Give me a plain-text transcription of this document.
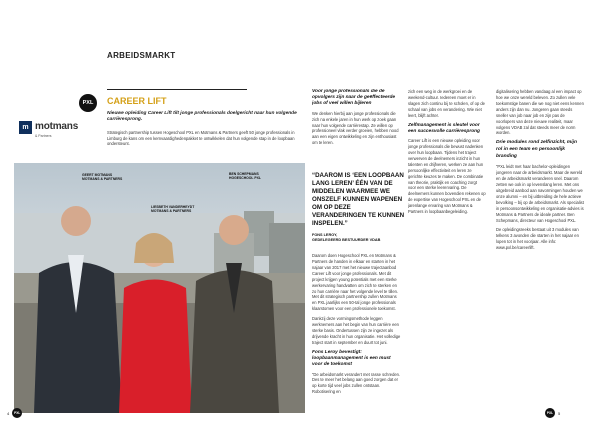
ARBEIDSMARKT
PXL	CAREER LIFT
Nieuwe opleiding Career Lift tilt jonge professionals doelgericht naar hun volgende carrièresprong.
Strategisch partnership tussen Hogeschool PXL en Motmans & Partners geeft 50 jonge professionals in Limburg de kans om een kernvaardighedenpakket te ontwikkelen dat hun volgende stap in de loopbaan ondersteunt.
m motmans
& Partners
GEERT MOTMANS
MOTMANS & PARTNERS
LIESBETH VANDERHEYDT
MOTMANS & PARTNERS
BEN SCHEPMANS
HOGESCHOOL PXL	“DAAROM IS ‘EEN LOOPBAAN LANG LEREN’ ÉÉN VAN DE MIDDELEN WAARMEE WE ONSZELF KUNNEN WAPENEN OM OP DEZE VERANDERINGEN TE KUNNEN INSPELEN.”
FONS LEROY,
GEDELEGEERD BESTUURDER VDAB
Voor jonge professionals die de opvolgers zijn naar de geëffecteerde jobs of veel willen bijleren

We denken hierbij aan jonge professionals die zich na enkele jaren in hun werk op zoek gaan naar hun volgende carrièrestap. Ze willen op professioneel vlak verder groeien, hebben nood aan een eigen ontwikkeling en zijn enthousiast om te leren.

Daarom doen Hogeschool PXL en Motmans & Partners de handen in elkaar en starten in het najaar van 2017 met het nieuwe trajectaanbod Career Lift voor jonge professionals. Met dit project krijgen young potentials met een sterke werkervaring handvatten om zich te sterken en zo hun carrière naar het volgende level te tillen. Met dit strategisch partnership zullen Motmans en PXL jaarlijks een 50-tal jonge professionals klaarstomen voor een professionele toekomst.

Dankzij deze vormingsmethode leggen werknemers aan het begin van hun carrière een sterke basis. Ondertussen zijn ze ingezet als drijvende kracht in hun organisatie. Het volledige traject start in september en duurt tot juni.

Fons Leroy bevestigt: loopbaanmanagement is een must voor de toekomst

“De arbeidsmarkt verandert met rasse schreden. Des te meer het belang aan goed zorgen dat er op korte tijd veel jobs zullen ontstaan. Robotisering en

zich een weg in de werkgroei en de weekend-cultuur. Iedereen moet er in slagen zich continu bij te scholen, of op de schaal van jobs en verandering. Wie niet leert, blijft achter.

Zelfmanagement is sleutel voor een succesvolle carrièresprong

Career Lift is een nieuwe opleiding voor jonge professionals die bewust nadenken over hun loopbaan. Tijdens het traject verwerven de deelnemers inzicht in hun talenten en drijfveren, werken ze aan hun persoonlijke effectiviteit en leren ze gerichte keuzes te maken. De combinatie van theorie, praktijk en coaching zorgt voor een sterke leerervaring. De deelnemers kunnen bovendien rekenen op de expertise van Hogeschool PXL en de jarenlange ervaring van Motmans & Partners in loopbaanbegeleiding.

digitalisering hebben vandaag al een impact op hoe we onze wereld beleven. Zo zullen vele toekomstige banen die we nog niet eens kennen anders zijn dan nu. Jongeren gaan steeds sneller van job naar job en zijn pas de voorlopers van deze nieuwe realiteit, maar volgens VDAB zal dat steeds meer de norm worden.

Drie modules rond zelfinzicht, mijn rol in een team en persoonlijk branding

“PXL leidt met haar bachelor-opleidingen jongeren naar de arbeidsmarkt. Maar de wereld en de arbeidsmarkt veranderen snel. Daarom zetten we ook in op levenslang leren. Met ons uitgebreid aanbod aan navormingen houden we onze alumni – en bij uitbreiding de hele actieve bevolking – bij op de arbeidsmarkt. Als specialist in persoonsontwikkeling en organisatie-advies is Motmans & Partners de ideale partner. Ben Schepmans, directeur van Hogeschool PXL.

De opleidingsreeks bestaat uit 3 modules van telkens 3 avonden die starten in het najaar en lopen tot in het voorjaar. Alle info: www.pxl.be/careerlift.

4	PXL	PXL	5
